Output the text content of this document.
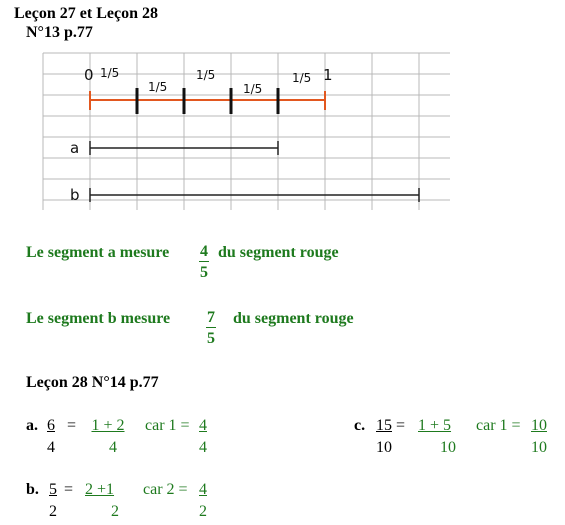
Leçon 27 et Leçon 28
N°13 p.77
0	1
1/5
1/5
1/5
1/5
1/5
a
b
Le segment a mesure $\frac{4}{5}$ du segment rouge
Le segment b mesure $\frac{7}{5}$ du segment rouge
Leçon 28 N°14 p.77
a. $\frac{6}{4} = 1 + 2$
4
car $1 = \frac{4}{4}$	c. $\frac{15}{10} = 1 + 5$
10
car $1 = \frac{10}{10}$
b. $\frac{5}{2} = 2 +1$
2
car $2 = \frac{4}{2}$
